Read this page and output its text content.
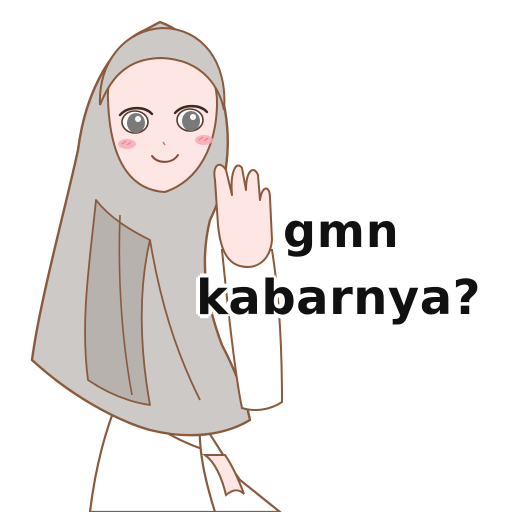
gmn
kabarnya?
